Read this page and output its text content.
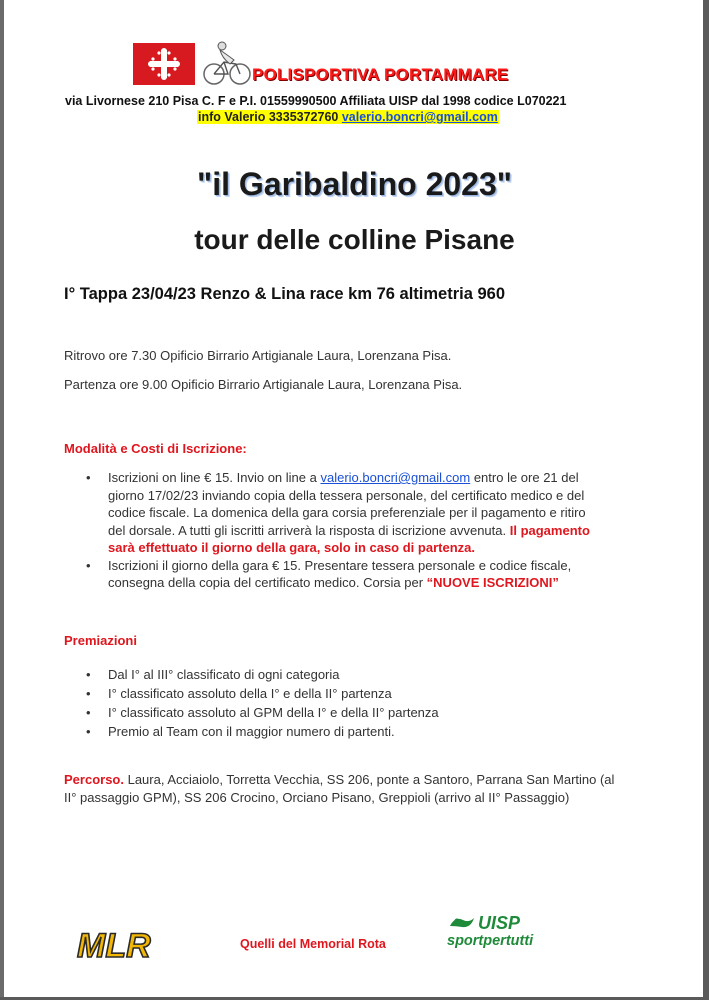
POLISPORTIVA PORTAMMARE
via Livornese 210 Pisa C. F e P.I. 01559990500 Affiliata UISP dal 1998 codice L070221
info Valerio 3335372760 valerio.boncri@gmail.com
"il Garibaldino 2023"
tour delle colline Pisane
I° Tappa 23/04/23 Renzo & Lina race km 76 altimetria 960
Ritrovo ore 7.30 Opificio Birrario Artigianale Laura, Lorenzana Pisa.
Partenza ore 9.00 Opificio Birrario Artigianale Laura, Lorenzana Pisa.
Modalità e Costi di Iscrizione:
• Iscrizioni on line € 15. Invio on line a valerio.boncri@gmail.com entro le ore 21 del
giorno 17/02/23 inviando copia della tessera personale, del certificato medico e del
codice fiscale. La domenica della gara corsia preferenziale per il pagamento e ritiro
del dorsale. A tutti gli iscritti arriverà la risposta di iscrizione avvenuta. Il pagamento
sarà effettuato il giorno della gara, solo in caso di partenza.
• Iscrizioni il giorno della gara € 15. Presentare tessera personale e codice fiscale,
consegna della copia del certificato medico. Corsia per “NUOVE ISCRIZIONI”
Premiazioni
• Dal I° al III° classificato di ogni categoria
• I° classificato assoluto della I° e della II° partenza
• I° classificato assoluto al GPM della I° e della II° partenza
• Premio al Team con il maggior numero di partenti.
Percorso. Laura, Acciaiolo, Torretta Vecchia, SS 206, ponte a Santoro, Parrana San Martino (al II° passaggio GPM), SS 206 Crocino, Orciano Pisano, Greppioli (arrivo al II° Passaggio)
MLR	Quelli del Memorial Rota
UISP
sportpertutti
